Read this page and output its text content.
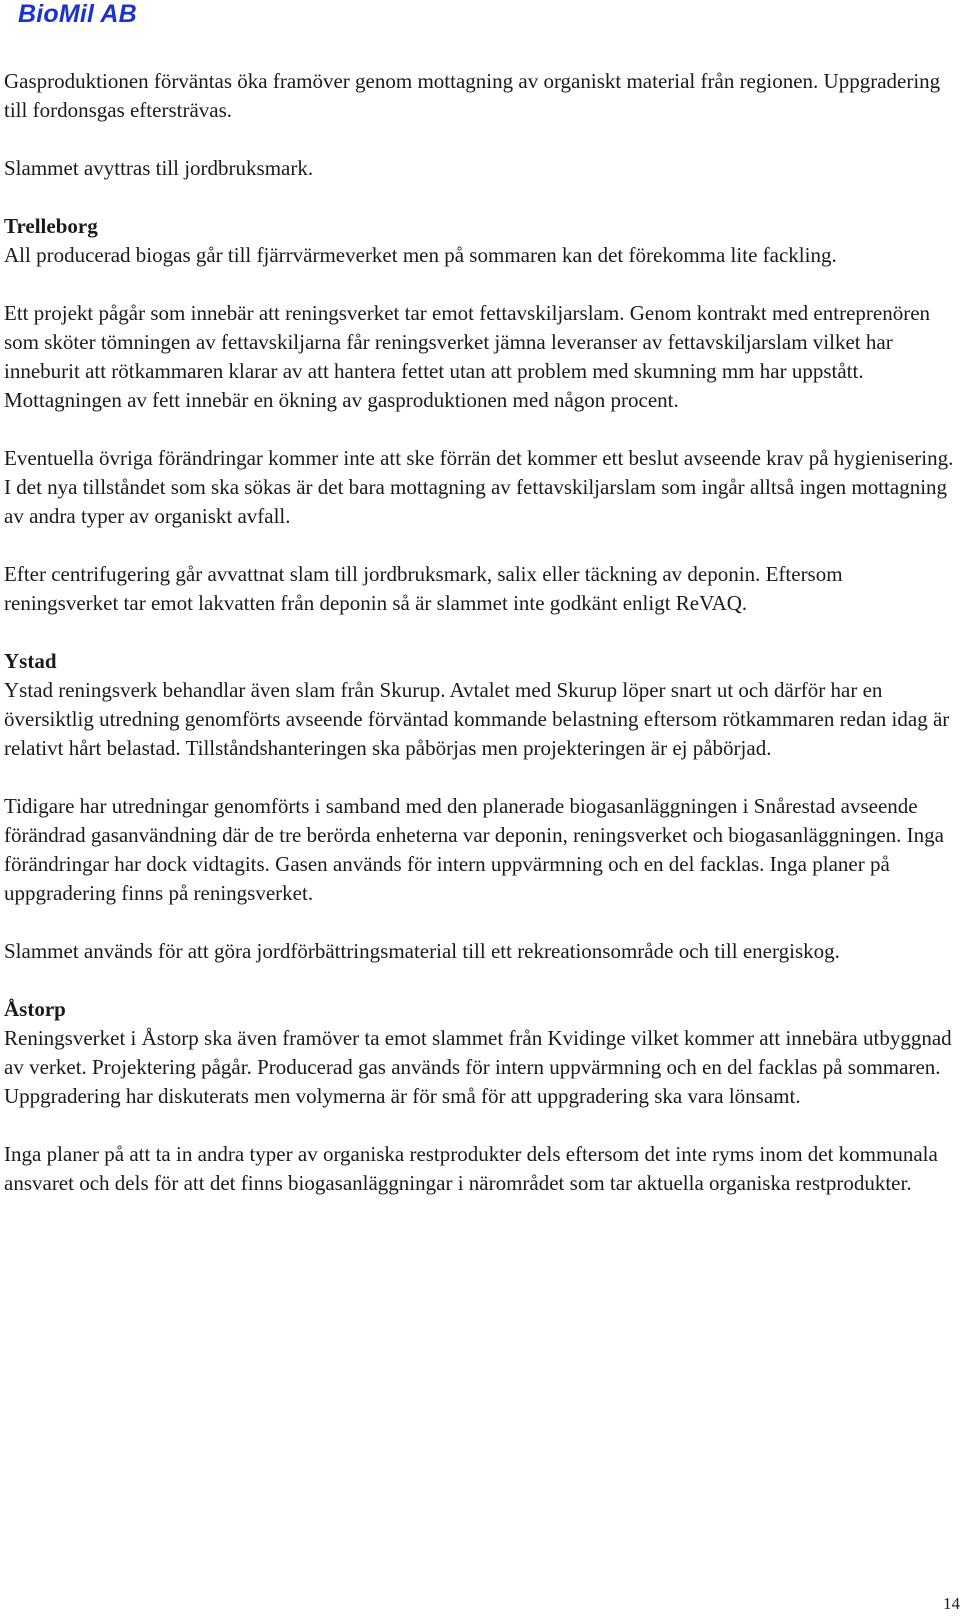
BioMil AB

Gasproduktionen förväntas öka framöver genom mottagning av organiskt material från regionen. Uppgradering till fordonsgas eftersträvas.

Slammet avyttras till jordbruksmark.

Trelleborg
All producerad biogas går till fjärrvärmeverket men på sommaren kan det förekomma lite fackling.

Ett projekt pågår som innebär att reningsverket tar emot fettavskiljarslam. Genom kontrakt med entreprenören som sköter tömningen av fettavskiljarna får reningsverket jämna leveranser av fettavskiljarslam vilket har inneburit att rötkammaren klarar av att hantera fettet utan att problem med skumning mm har uppstått. Mottagningen av fett innebär en ökning av gasproduktionen med någon procent.

Eventuella övriga förändringar kommer inte att ske förrän det kommer ett beslut avseende krav på hygienisering. I det nya tillståndet som ska sökas är det bara mottagning av fettavskiljarslam som ingår alltså ingen mottagning av andra typer av organiskt avfall.

Efter centrifugering går avvattnat slam till jordbruksmark, salix eller täckning av deponin. Eftersom reningsverket tar emot lakvatten från deponin så är slammet inte godkänt enligt ReVAQ.

Ystad
Ystad reningsverk behandlar även slam från Skurup. Avtalet med Skurup löper snart ut och därför har en översiktlig utredning genomförts avseende förväntad kommande belastning eftersom rötkammaren redan idag är relativt hårt belastad. Tillståndshanteringen ska påbörjas men projekteringen är ej påbörjad.

Tidigare har utredningar genomförts i samband med den planerade biogasanläggningen i Snårestad avseende förändrad gasanvändning där de tre berörda enheterna var deponin, reningsverket och biogasanläggningen. Inga förändringar har dock vidtagits. Gasen används för intern uppvärmning och en del facklas. Inga planer på uppgradering finns på reningsverket.

Slammet används för att göra jordförbättringsmaterial till ett rekreationsområde och till energiskog.

Åstorp
Reningsverket i Åstorp ska även framöver ta emot slammet från Kvidinge vilket kommer att innebära utbyggnad av verket. Projektering pågår. Producerad gas används för intern uppvärmning och en del facklas på sommaren. Uppgradering har diskuterats men volymerna är för små för att uppgradering ska vara lönsamt.

Inga planer på att ta in andra typer av organiska restprodukter dels eftersom det inte ryms inom det kommunala ansvaret och dels för att det finns biogasanläggningar i närområdet som tar aktuella organiska restprodukter.

14
